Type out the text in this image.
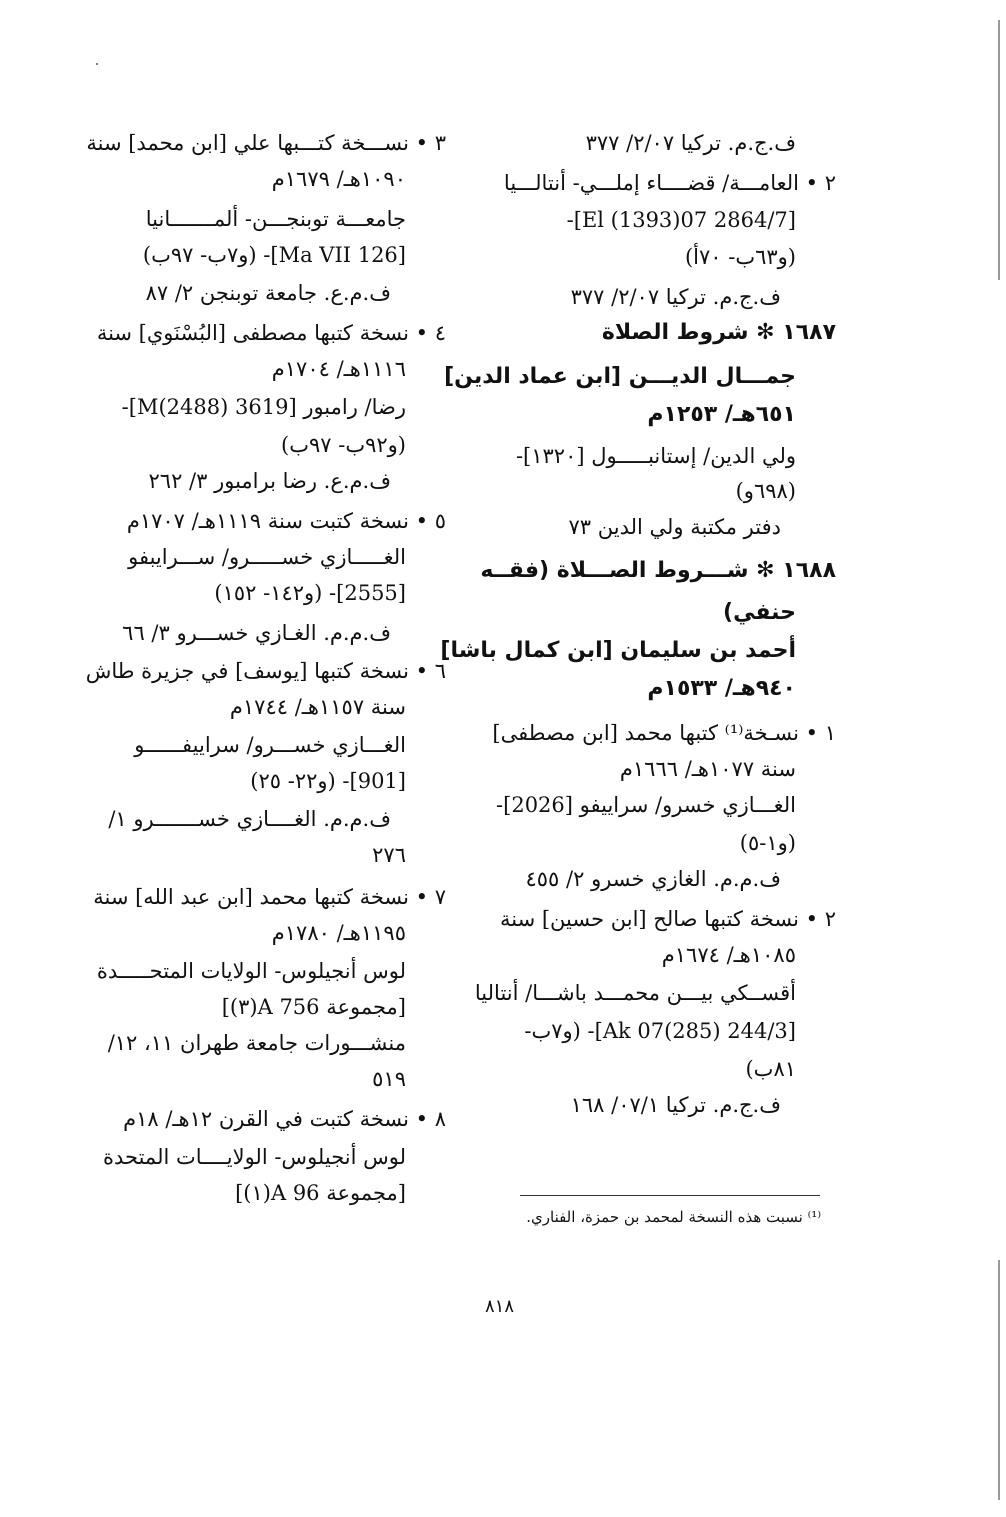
ف.ج.م. تركيا ٢/٠٧/ ٣٧٧
٢ • العامـــة/ قضــــاء إملـــي- أنتالـــيا
[2864/7 El (1393)07]-
(و٦٣ب- ٧٠أ)
ف.ج.م. تركيا ٢/٠٧/ ٣٧٧
١٦٨٧ ✻ شروط الصلاة
جمـــال الديـــن [ابن عماد الدين]
٦٥١هـ/ ١٢٥٣م
ولي الدين/ إستانبـــــول [١٣٢٠]-
(٦٩٨و)
دفتر مكتبة ولي الدين ٧٣
١٦٨٨ ✻ شـــروط الصـــلاة (فقــه
حنفي)
أحمد بن سليمان [ابن كمال باشا]
٩٤٠هـ/ ١٥٣٣م
١ • نسـخة⁽¹⁾ كتبها محمد [ابن مصطفى]
سنة ١٠٧٧هـ/ ١٦٦٦م
الغـــازي خسرو/ سراييفو [2026]-
(و١-٥)
ف.م.م. الغازي خسرو ٢/ ٤٥٥
٢ • نسخة كتبها صالح [ابن حسين] سنة
١٠٨٥هـ/ ١٦٧٤م
أقســكي بيـــن محمـــد باشـــا/ أنتاليا
[244/3 Ak 07(285)]- (و٧ب-
٨١ب)
ف.ج.م. تركيا ٠٧/١/ ١٦٨
٣ • نســـخة كتـــبها علي [ابن محمد] سنة
١٠٩٠هـ/ ١٦٧٩م
جامعـــة توبنجـــن- ألمـــــــانيا
[Ma VII 126]- (و٧ب- ٩٧ب)
ف.م.ع. جامعة توبنجن ٢/ ٨٧
٤ • نسخة كتبها مصطفى [البُسْنَوي] سنة
١١١٦هـ/ ١٧٠٤م
رضا/ رامبور [3619 M(2488)]-
(و٩٢ب- ٩٧ب)
ف.م.ع. رضا برامبور ٣/ ٢٦٢
٥ • نسخة كتبت سنة ١١١٩هـ/ ١٧٠٧م
الغـــــازي خســـــرو/ ســـرايبفو
[2555]- (و١٤٢- ١٥٢)
ف.م.م. الغـازي خســـرو ٣/ ٦٦
٦ • نسخة كتبها [يوسف] في جزيرة طاش
سنة ١١٥٧هـ/ ١٧٤٤م
الغـــازي خســـرو/ سراييفــــــو
[901]- (و٢٢- ٢٥)
ف.م.م. الغــــازي خســـــــرو ١/
٢٧٦
٧ • نسخة كتبها محمد [ابن عبد الله] سنة
١١٩٥هـ/ ١٧٨٠م
لوس أنجيلوس- الولايات المتحـــــدة
[مجموعة A 756(٣)]
منشـــورات جامعة طهران ١١، ١٢/
٥١٩
٨ • نسخة كتبت في القرن ١٢هـ/ ١٨م
لوس أنجيلوس- الولايــــات المتحدة
[مجموعة A 96(١)]
⁽¹⁾ نسبت هذه النسخة لمحمد بن حمزة، الفناري.
٨١٨
